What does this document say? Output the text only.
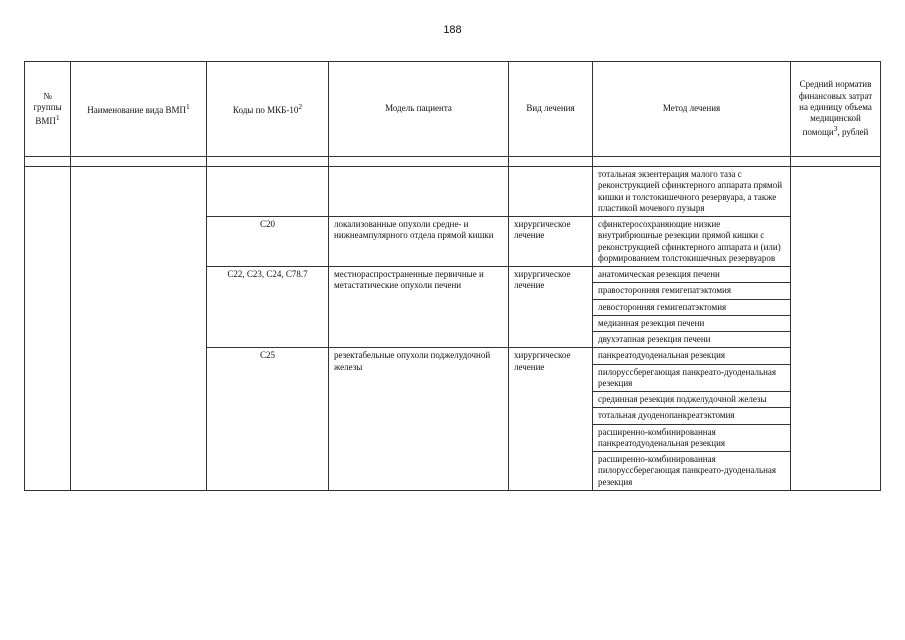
188
№ группы ВМП$^1$	Наименование вида ВМП$^1$	Коды по МКБ-$10^2$	Модель пациента	Вид лечения	Метод лечения	Средний норматив финансовых затрат на единицу объема медицинской помощи$^3$, рублей

					тотальная экзентерация малого таза с реконструкцией сфинктерного аппарата прямой кишки и толстокишечного резервуара, а также пластикой мочевого пузыря	
		С20	локализованные опухоли средне- и нижнеампулярного отдела прямой кишки	хирургическое лечение	сфинктеросохраняющие низкие внутрибрюшные резекции прямой кишки с реконструкцией сфинктерного аппарата и (или) формированием толстокишечных резервуаров	
		С22, С23, С24, С78.7	местнораспространенные первичные и метастатические опухоли печени	хирургическое лечение	анатомическая резекция печени	
					правосторонняя гемигепатэктомия	
					левосторонняя гемигепатэктомия	
					медианная резекция печени	
					двухэтапная резекция печени	
		С25	резектабельные опухоли поджелудочной железы	хирургическое лечение	панкреатодуоденальная резекция	
					пилоруссберегающая панкреато-дуоденальная резекция	
					срединная резекция поджелудочной железы	
					тотальная дуоденопанкреатэктомия	
					расширенно-комбинированная панкреатодуоденальная резекция	
					расширенно-комбинированная пилоруссберегающая панкреато-дуоденальная резекция	
